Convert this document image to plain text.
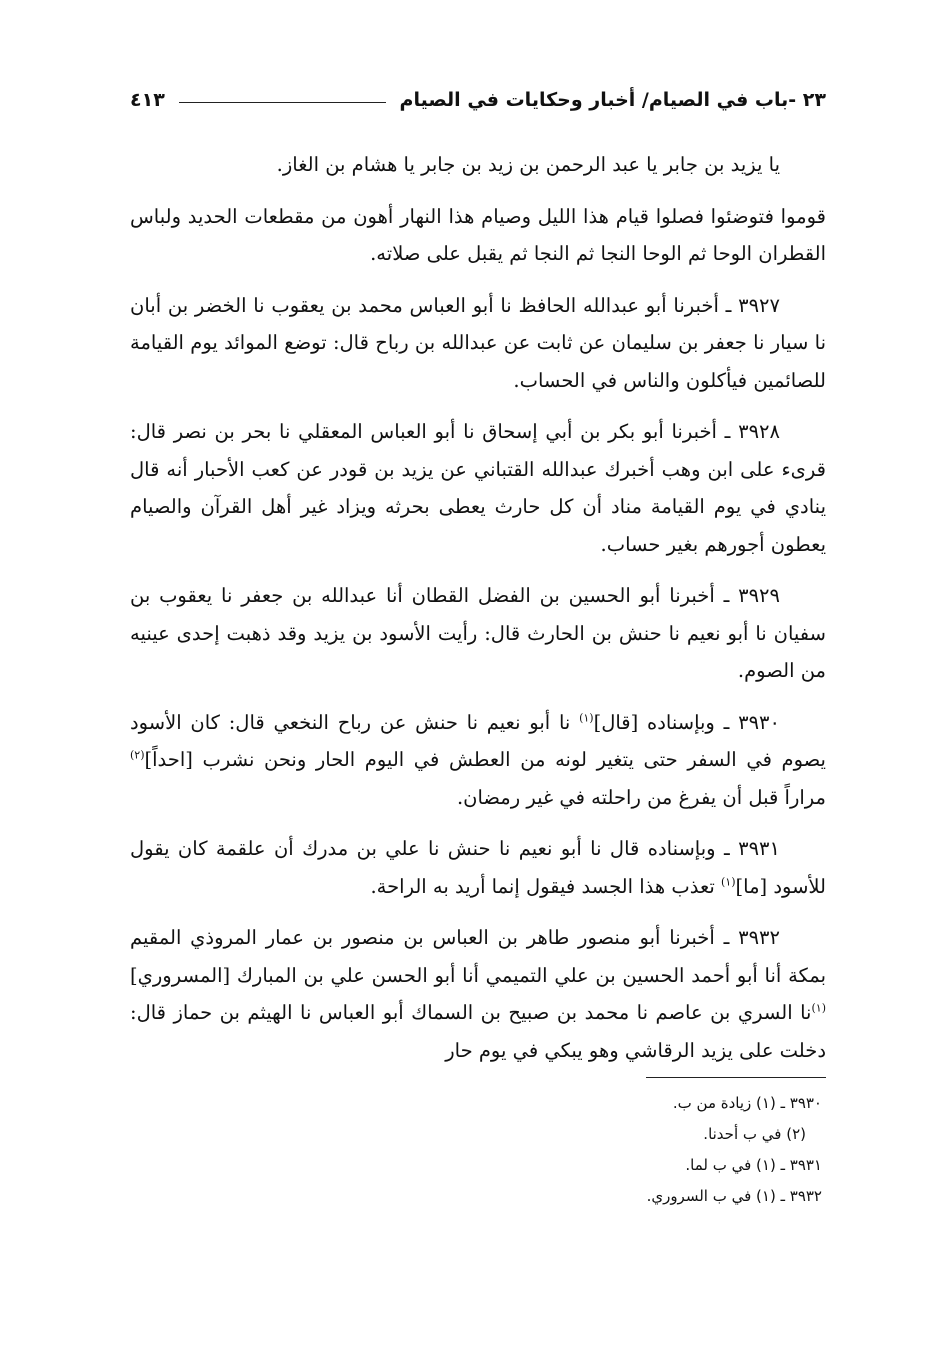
٢٣ -باب في الصيام/ أخبار وحكايات في الصيام
٤١٣

يا يزيد بن جابر يا عبد الرحمن بن زيد بن جابر يا هشام بن الغاز.

قوموا فتوضئوا فصلوا قيام هذا الليل وصيام هذا النهار أهون من مقطعات الحديد ولباس القطران الوحا ثم الوحا النجا ثم النجا ثم يقبل على صلاته.

٣٩٢٧ ـ أخبرنا أبو عبدالله الحافظ نا أبو العباس محمد بن يعقوب نا الخضر بن أبان نا سيار نا جعفر بن سليمان عن ثابت عن عبدالله بن رباح قال: توضع الموائد يوم القيامة للصائمين فيأكلون والناس في الحساب.

٣٩٢٨ ـ أخبرنا أبو بكر بن أبي إسحاق نا أبو العباس المعقلي نا بحر بن نصر قال: قرىء على ابن وهب أخبرك عبدالله القتباني عن يزيد بن قودر عن كعب الأحبار أنه قال ينادي في يوم القيامة مناد أن كل حارث يعطى بحرثه ويزاد غير أهل القرآن والصيام يعطون أجورهم بغير حساب.

٣٩٢٩ ـ أخبرنا أبو الحسين بن الفضل القطان أنا عبدالله بن جعفر نا يعقوب بن سفيان نا أبو نعيم نا حنش بن الحارث قال: رأيت الأسود بن يزيد وقد ذهبت إحدى عينيه من الصوم.

٣٩٣٠ ـ وبإسناده [قال]$^{(١)}$ نا أبو نعيم نا حنش عن رباح النخعي قال: كان الأسود يصوم في السفر حتى يتغير لونه من العطش في اليوم الحار ونحن نشرب [احداً]$^{(٢)}$ مراراً قبل أن يفرغ من راحلته في غير رمضان.

٣٩٣١ ـ وبإسناده قال نا أبو نعيم نا حنش نا علي بن مدرك أن علقمة كان يقول للأسود [ما]$^{(١)}$ تعذب هذا الجسد فيقول إنما أريد به الراحة.

٣٩٣٢ ـ أخبرنا أبو منصور طاهر بن العباس بن منصور بن عمار المروذي المقيم بمكة أنا أبو أحمد الحسين بن علي التميمي أنا أبو الحسن علي بن المبارك [المسروري]$^{(١)}$نا السري بن عاصم نا محمد بن صبيح بن السماك أبو العباس نا الهيثم بن حماز قال: دخلت على يزيد الرقاشي وهو يبكي في يوم حار

٣٩٣٠ ـ (١) زيادة من ب.
(٢) في ب أحدنا.
٣٩٣١ ـ (١) في ب لما.
٣٩٣٢ ـ (١) في ب السروري.
